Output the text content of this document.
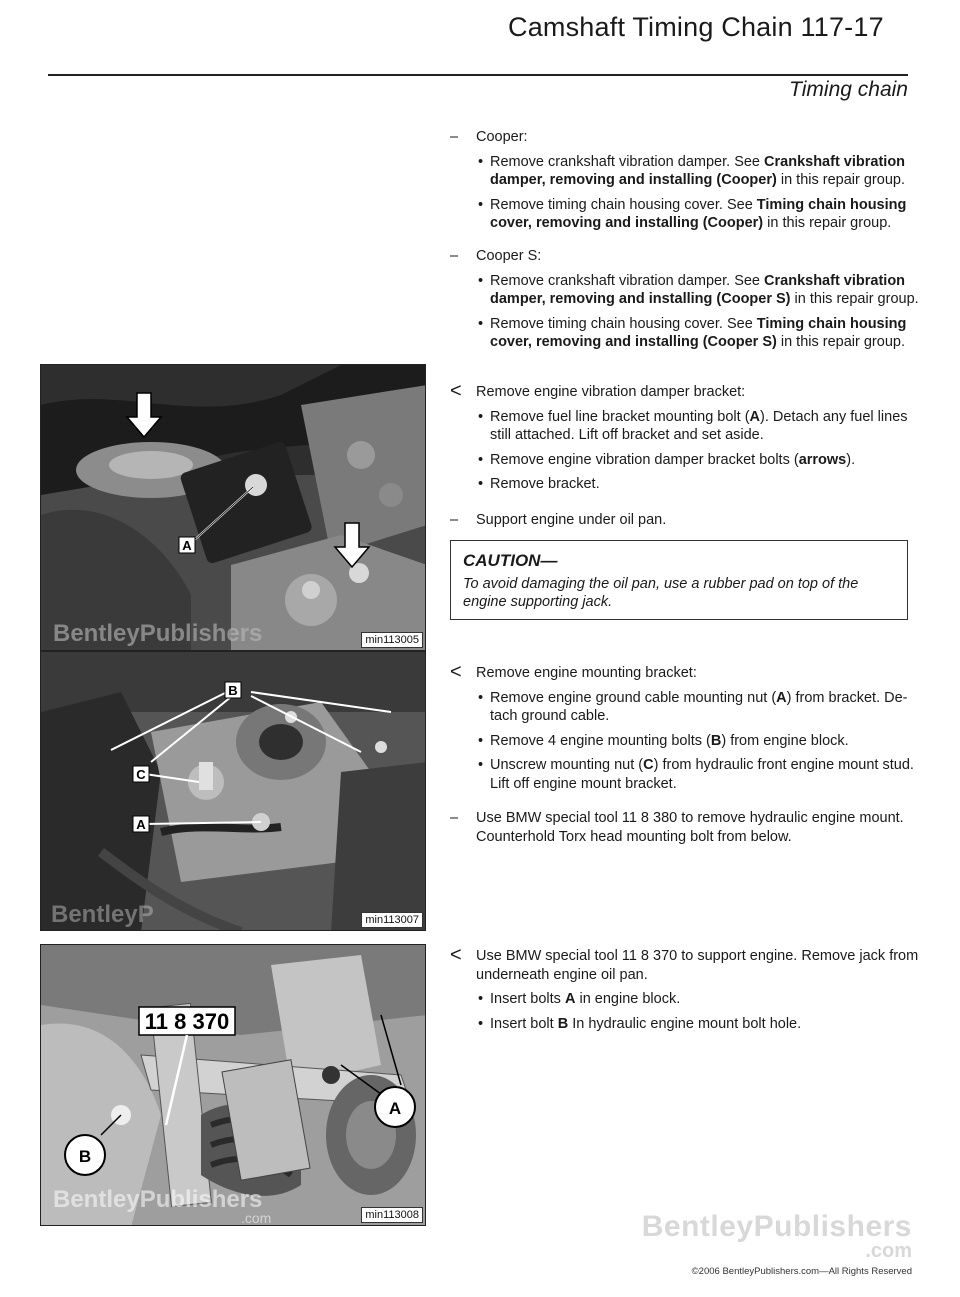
Camshaft Timing Chain 117-17
Timing chain
– Cooper:
• Remove crankshaft vibration damper. See Crankshaft vibration damper, removing and installing (Cooper) in this repair group.
• Remove timing chain housing cover. See Timing chain housing cover, removing and installing (Cooper) in this repair group.
– Cooper S:
• Remove crankshaft vibration damper. See Crankshaft vibration damper, removing and installing (Cooper S) in this repair group.
• Remove timing chain housing cover. See Timing chain housing cover, removing and installing (Cooper S) in this repair group.
< Remove engine vibration damper bracket:
• Remove fuel line bracket mounting bolt (A). Detach any fuel lines still attached. Lift off bracket and set aside.
• Remove engine vibration damper bracket bolts (arrows).
• Remove bracket.
– Support engine under oil pan.
CAUTION—
To avoid damaging the oil pan, use a rubber pad on top of the engine supporting jack.
< Remove engine mounting bracket:
• Remove engine ground cable mounting nut (A) from bracket. De-tach ground cable.
• Remove 4 engine mounting bolts (B) from engine block.
• Unscrew mounting nut (C) from hydraulic front engine mount stud. Lift off engine mount bracket.
– Use BMW special tool 11 8 380 to remove hydraulic engine mount. Counterhold Torx head mounting bolt from below.
< Use BMW special tool 11 8 370 to support engine. Remove jack from underneath engine oil pan.
• Insert bolts A in engine block.
• Insert bolt B In hydraulic engine mount bolt hole.
A
BentleyPublishers	min113005
B
C
A
BentleyP	min113007
11 8 370
A
B
BentleyPublishers
.com	min113008	BentleyPublishers
.com
©2006 BentleyPublishers.com—All Rights Reserved
